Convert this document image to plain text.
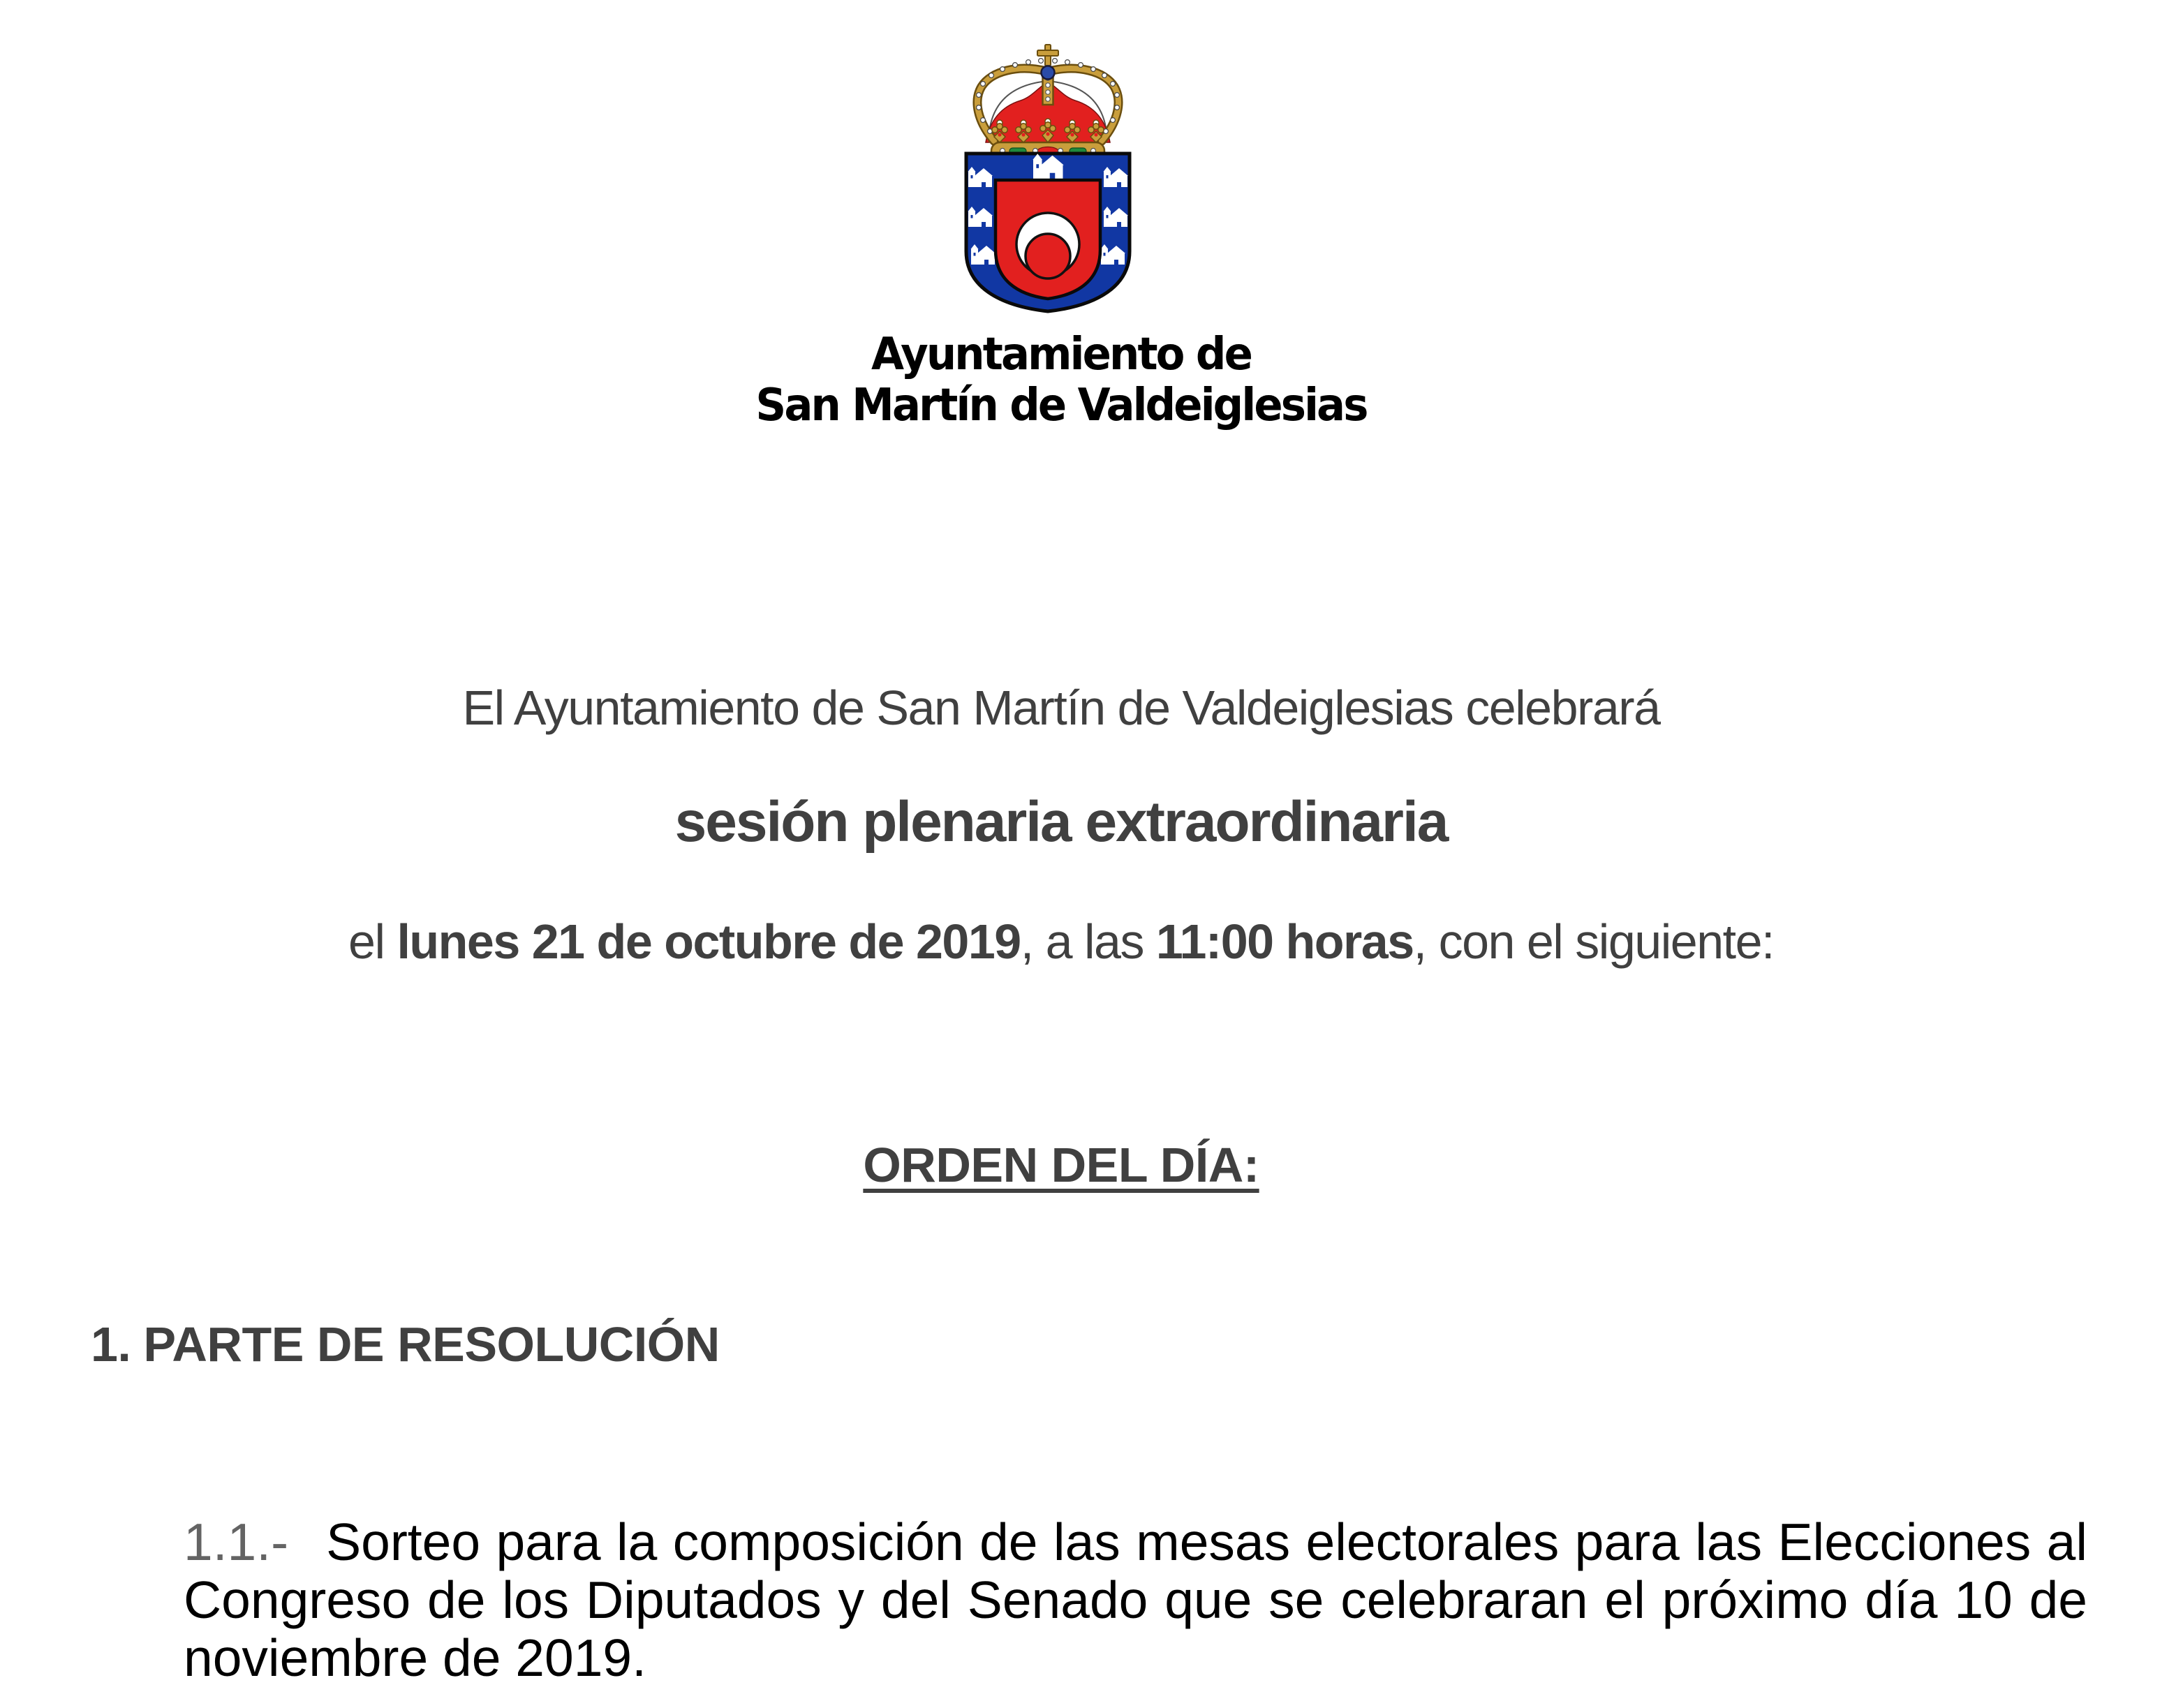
Ayuntamiento de
San Martín de Valdeiglesias
El Ayuntamiento de San Martín de Valdeiglesias celebrará
sesión plenaria extraordinaria
el lunes 21 de octubre de 2019, a las 11:00 horas, con el siguiente:
ORDEN DEL DÍA:
1. PARTE DE RESOLUCIÓN
1.1.- Sorteo para la composición de las mesas electorales para las Elecciones al Congreso de los Diputados y del Senado que se celebraran el próximo día 10 de noviembre de 2019.
